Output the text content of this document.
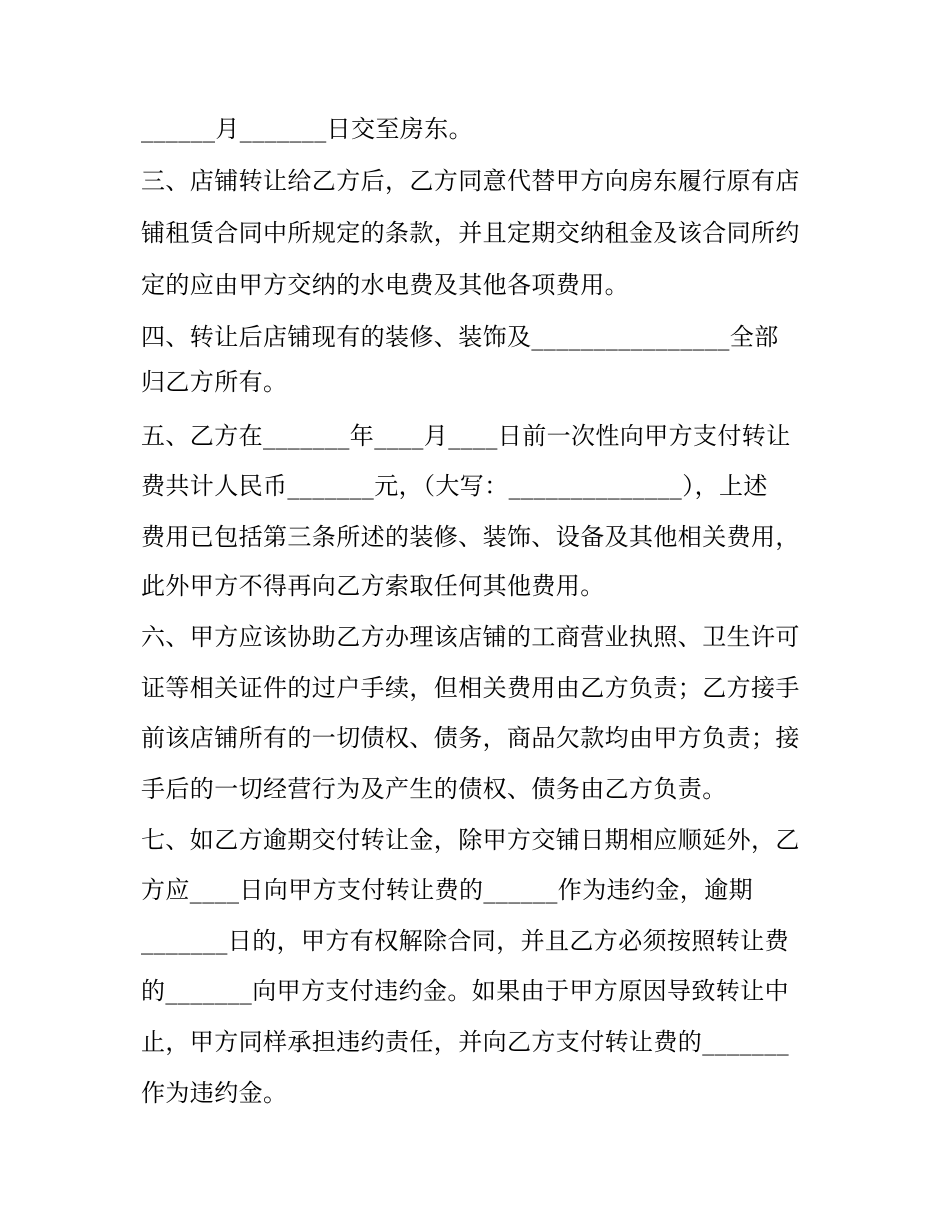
______月_______日交至房东。
三、店铺转让给乙方后，乙方同意代替甲方向房东履行原有店
铺租赁合同中所规定的条款，并且定期交纳租金及该合同所约
定的应由甲方交纳的水电费及其他各项费用。
四、转让后店铺现有的装修、装饰及________________全部
归乙方所有。
五、乙方在_______年____月____日前一次性向甲方支付转让
费共计人民币_______元，（大写：______________），上述
费用已包括第三条所述的装修、装饰、设备及其他相关费用，
此外甲方不得再向乙方索取任何其他费用。
六、甲方应该协助乙方办理该店铺的工商营业执照、卫生许可
证等相关证件的过户手续，但相关费用由乙方负责；乙方接手
前该店铺所有的一切债权、债务，商品欠款均由甲方负责；接
手后的一切经营行为及产生的债权、债务由乙方负责。
七、如乙方逾期交付转让金，除甲方交铺日期相应顺延外，乙
方应____日向甲方支付转让费的______作为违约金，逾期
_______日的，甲方有权解除合同，并且乙方必须按照转让费
的_______向甲方支付违约金。如果由于甲方原因导致转让中
止，甲方同样承担违约责任，并向乙方支付转让费的_______
作为违约金。
